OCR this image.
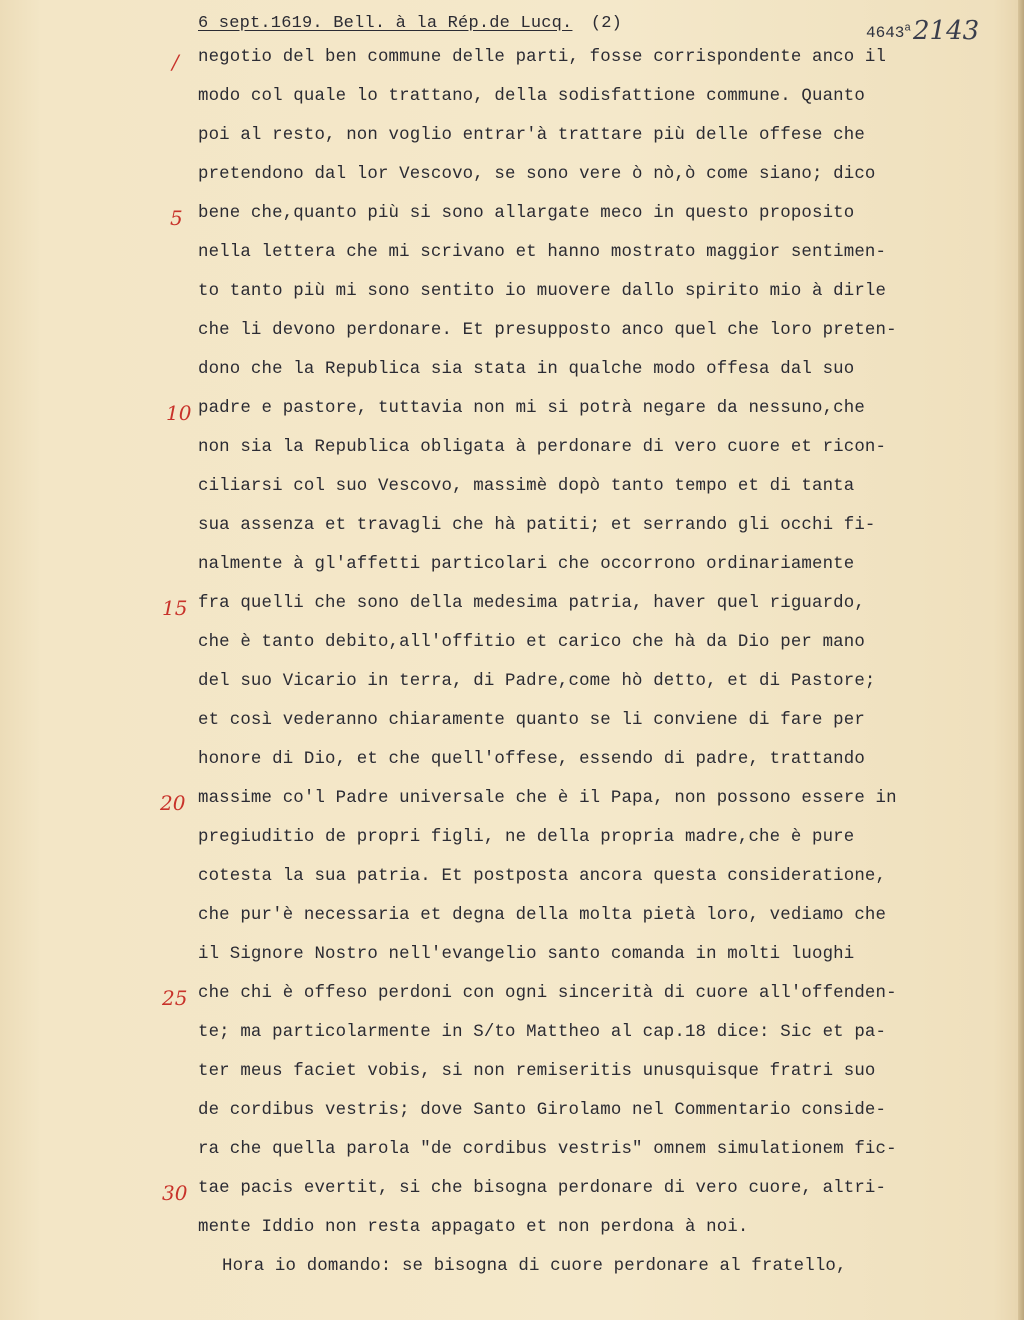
6 sept.1619. Bell. à la Rép.de Lucq. (2)	4643$^a$2143
negotio del ben commune delle parti, fosse corrispondente anco il
modo col quale lo trattano, della sodisfattione commune. Quanto
poi al resto, non voglio entrar'à trattare più delle offese che
pretendono dal lor Vescovo, se sono vere ò nò,ò come siano; dico
bene che,quanto più si sono allargate meco in questo proposito
nella lettera che mi scrivano et hanno mostrato maggior sentimen-
to tanto più mi sono sentito io muovere dallo spirito mio à dirle
che li devono perdonare. Et presupposto anco quel che loro preten-
dono che la Republica sia stata in qualche modo offesa dal suo
padre e pastore, tuttavia non mi si potrà negare da nessuno,che
non sia la Republica obligata à perdonare di vero cuore et ricon-
ciliarsi col suo Vescovo, massimè dopò tanto tempo et di tanta
sua assenza et travagli che hà patiti; et serrando gli occhi fi-
nalmente à gl'affetti particolari che occorrono ordinariamente
fra quelli che sono della medesima patria, haver quel riguardo,
che è tanto debito,all'offitio et carico che hà da Dio per mano
del suo Vicario in terra, di Padre,come hò detto, et di Pastore;
et così vederanno chiaramente quanto se li conviene di fare per
honore di Dio, et che quell'offese, essendo di padre, trattando
massime co'l Padre universale che è il Papa, non possono essere in
pregiuditio de propri figli, ne della propria madre,che è pure
cotesta la sua patria. Et postposta ancora questa consideratione,
che pur'è necessaria et degna della molta pietà loro, vediamo che
il Signore Nostro nell'evangelio santo comanda in molti luoghi
che chi è offeso perdoni con ogni sincerità di cuore all'offenden-
te; ma particolarmente in S/to Mattheo al cap.18 dice: Sic et pa-
ter meus faciet vobis, si non remiseritis unusquisque fratri suo
de cordibus vestris; dove Santo Girolamo nel Commentario conside-
ra che quella parola "de cordibus vestris" omnem simulationem fic-
tae pacis evertit, si che bisogna perdonare di vero cuore, altri-
mente Iddio non resta appagato et non perdona à noi.
Hora io domando: se bisogna di cuore perdonare al fratello,
/
5
10
15
20
25
30
